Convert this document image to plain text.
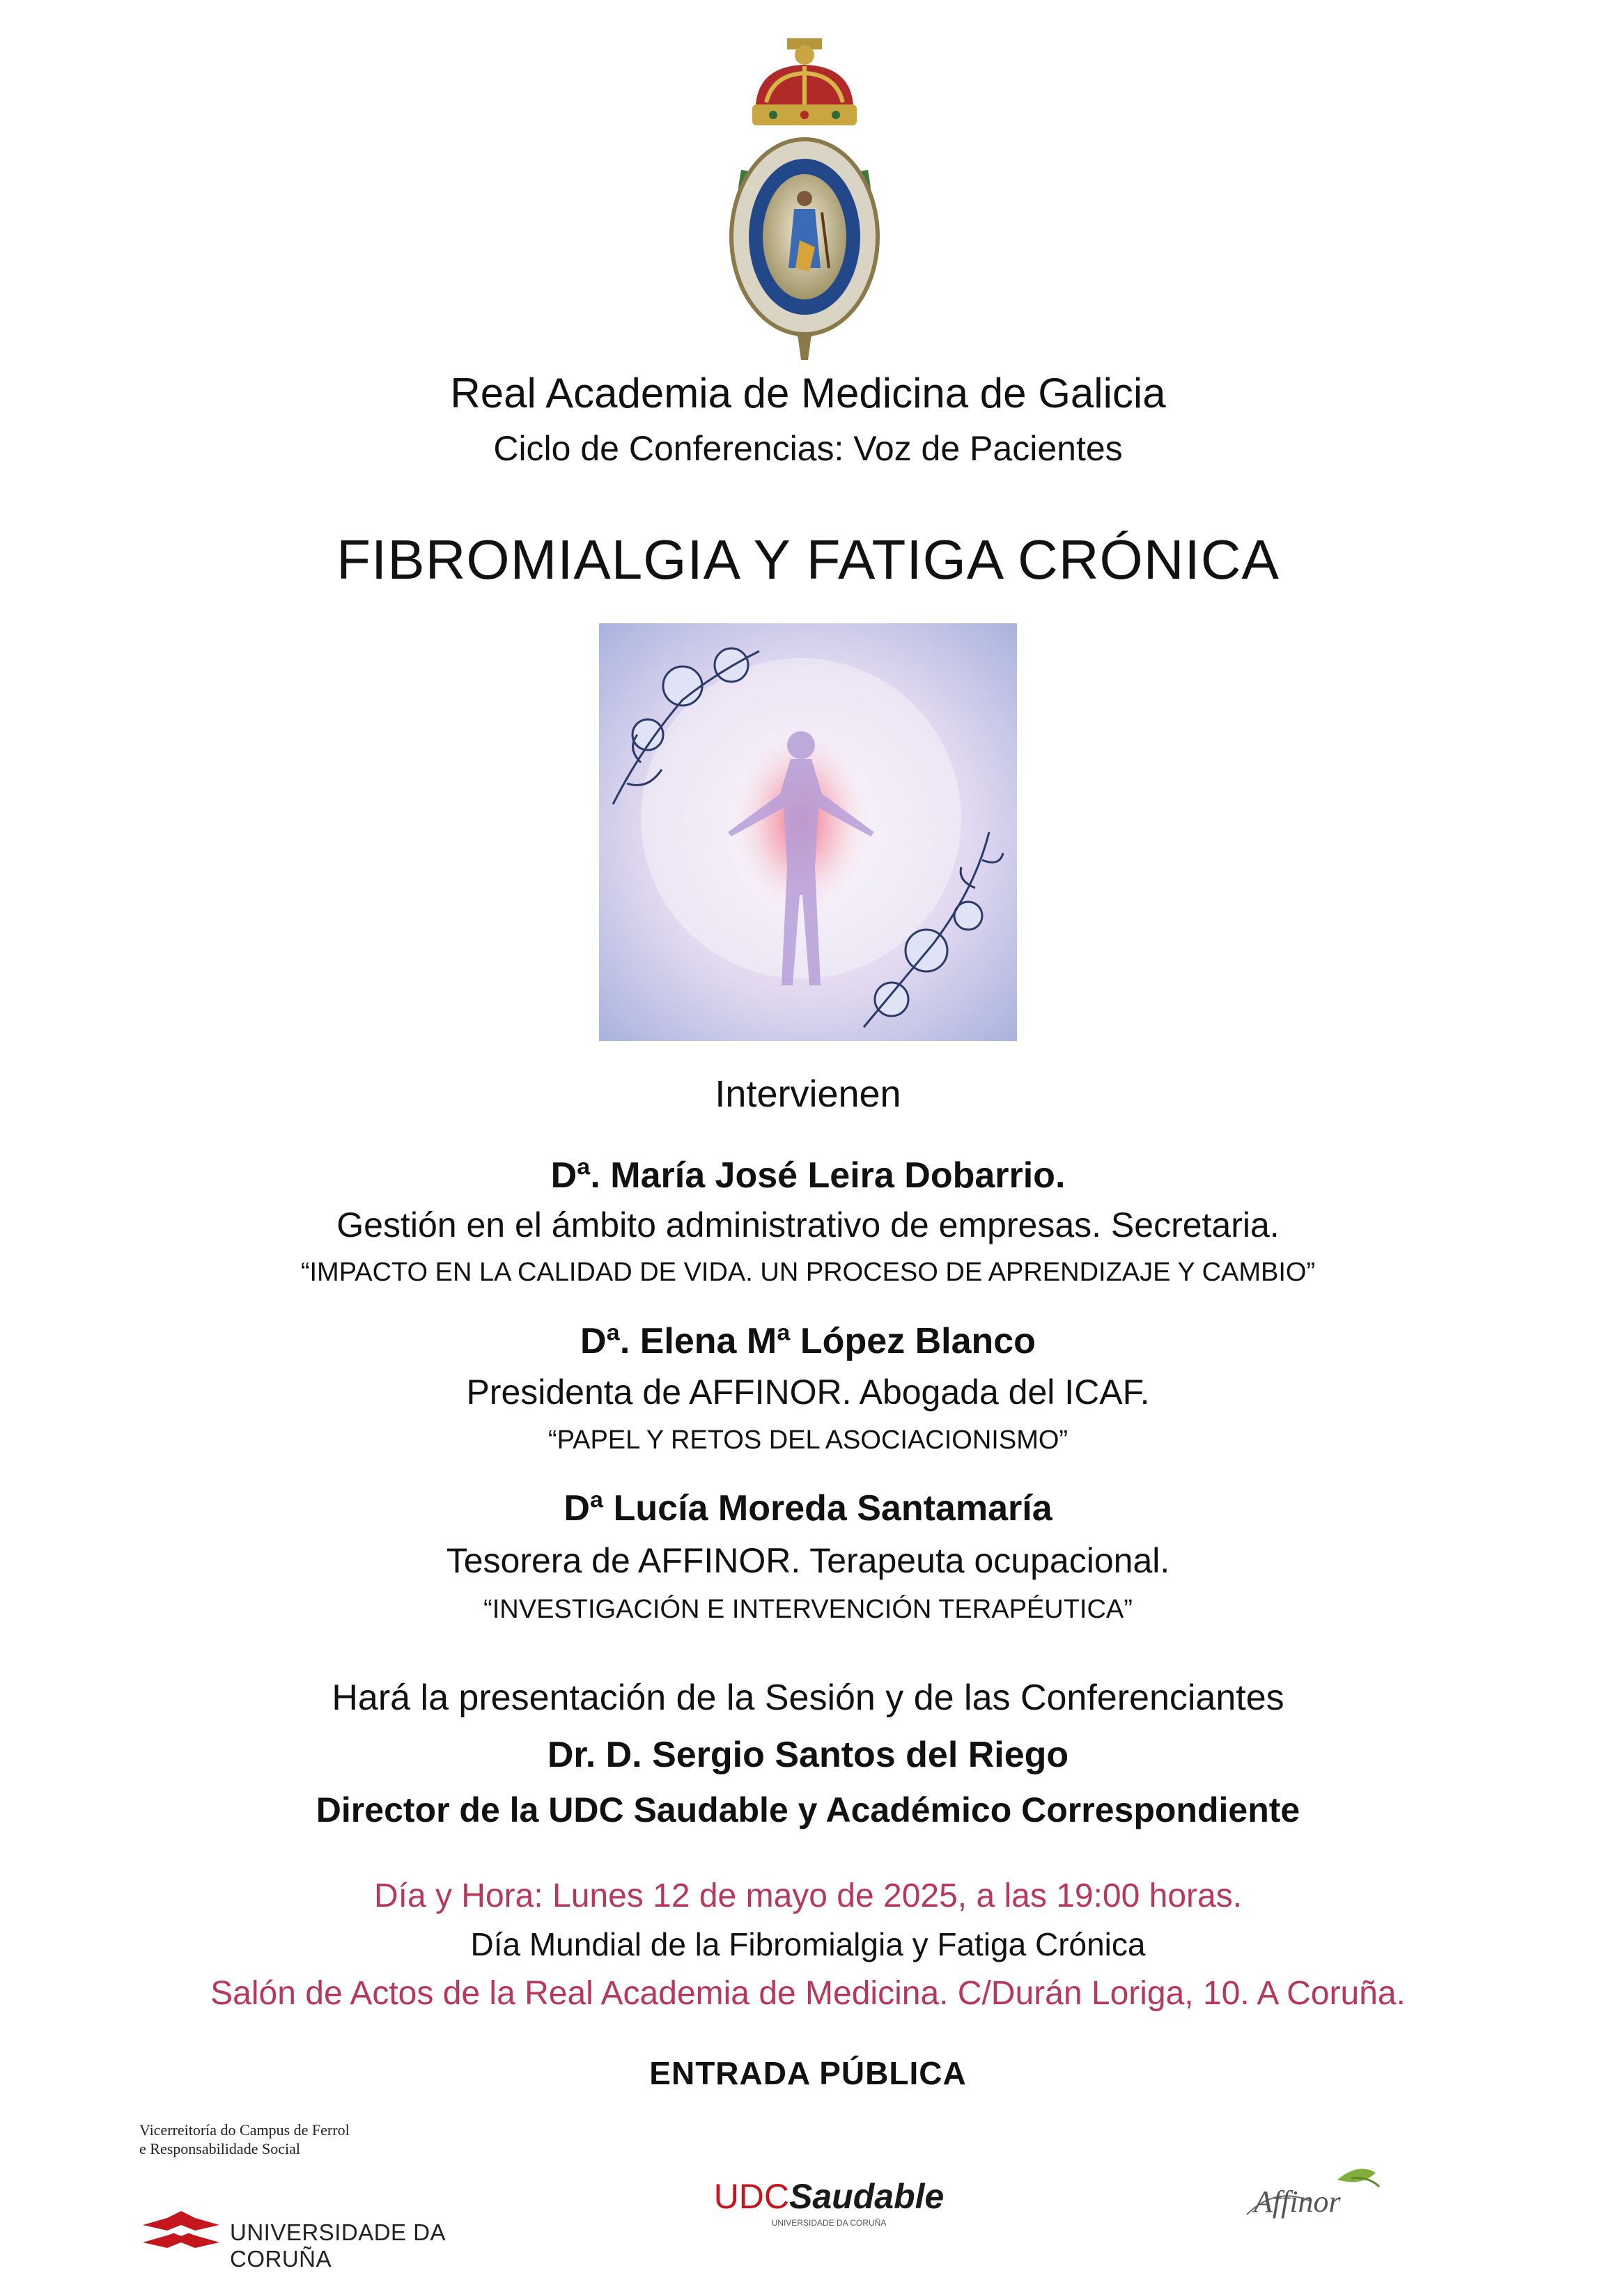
Real Academia de Medicina de Galicia
Ciclo de Conferencias: Voz de Pacientes
FIBROMIALGIA Y FATIGA CRÓNICA
Intervienen
Dª. María José Leira Dobarrio.
Gestión en el ámbito administrativo de empresas. Secretaria.
“IMPACTO EN LA CALIDAD DE VIDA. UN PROCESO DE APRENDIZAJE Y CAMBIO”
Dª. Elena Mª López Blanco
Presidenta de AFFINOR. Abogada del ICAF.
“PAPEL Y RETOS DEL ASOCIACIONISMO”
Dª Lucía Moreda Santamaría
Tesorera de AFFINOR. Terapeuta ocupacional.
“INVESTIGACIÓN E INTERVENCIÓN TERAPÉUTICA”
Hará la presentación de la Sesión y de las Conferenciantes
Dr. D. Sergio Santos del Riego
Director de la UDC Saudable y Académico Correspondiente
Día y Hora: Lunes 12 de mayo de 2025, a las 19:00 horas.
Día Mundial de la Fibromialgia y Fatiga Crónica
Salón de Actos de la Real Academia de Medicina. C/Durán Loriga, 10. A Coruña.
ENTRADA PÚBLICA
Vicerreitoría do Campus de Ferrol
e Responsabilidade Social
UNIVERSIDADE DA CORUÑA
UDCSaudable
UNIVERSIDADE DA CORUÑA
Affinor
